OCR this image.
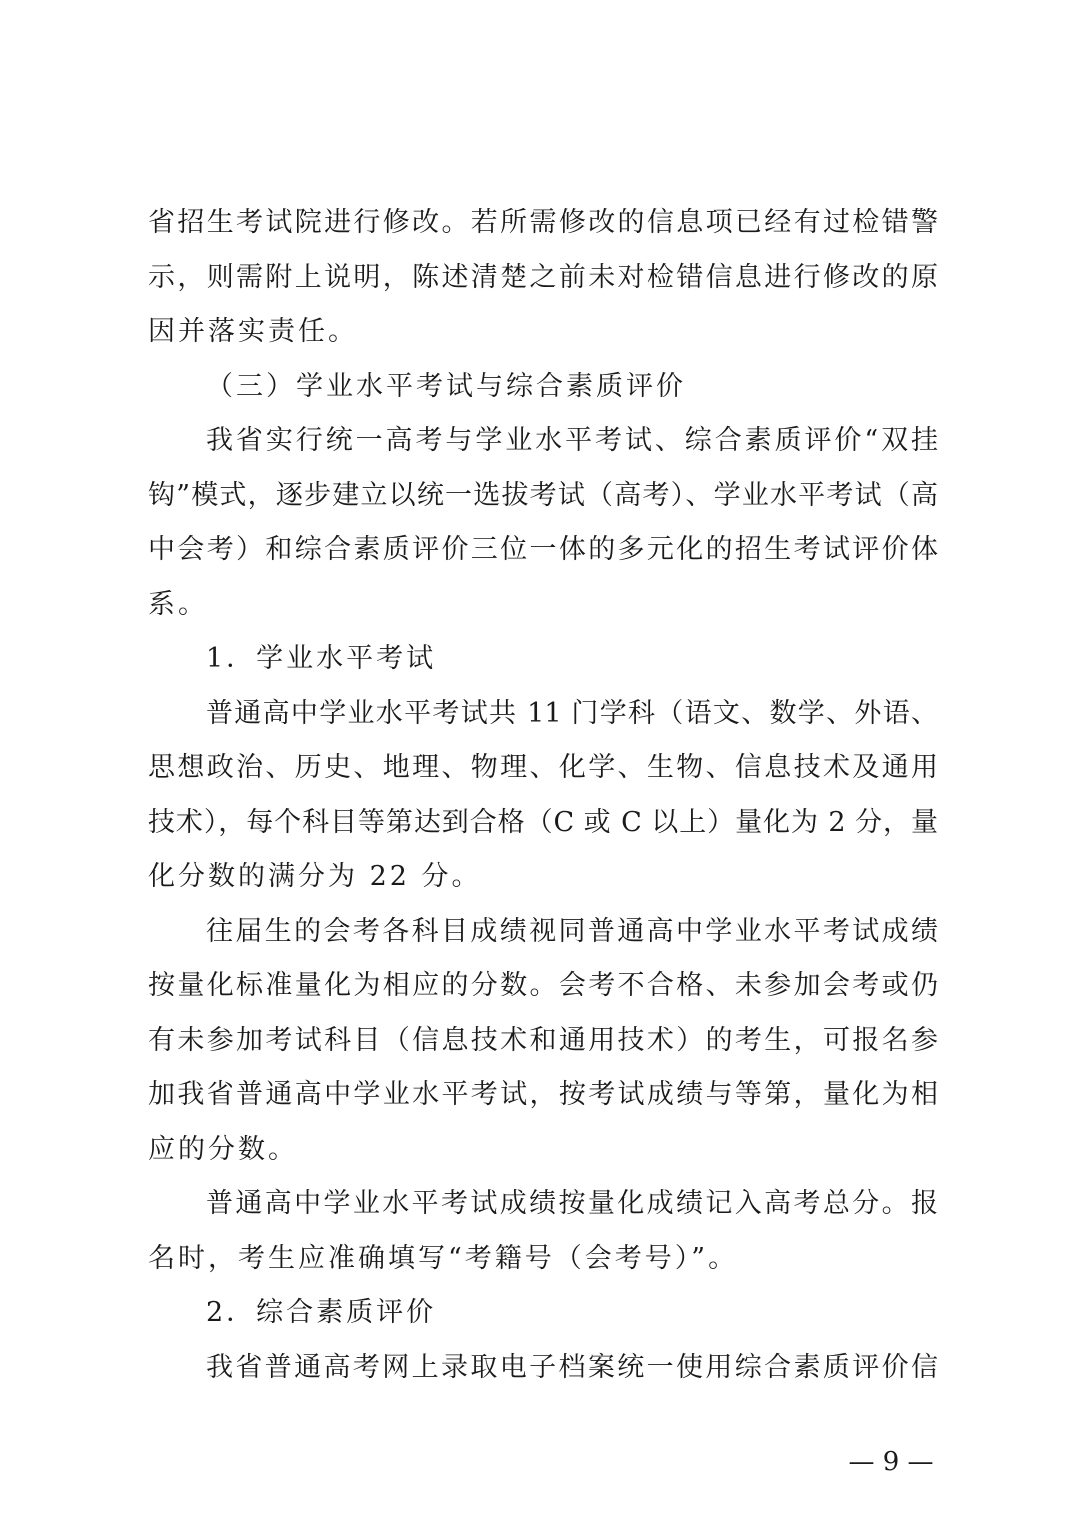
省招生考试院进行修改。若所需修改的信息项已经有过检错警
示，则需附上说明，陈述清楚之前未对检错信息进行修改的原
因并落实责任。
（三）学业水平考试与综合素质评价
我省实行统一高考与学业水平考试、综合素质评价“双挂
钩”模式，逐步建立以统一选拔考试（高考）、学业水平考试（高
中会考）和综合素质评价三位一体的多元化的招生考试评价体
系。
1．学业水平考试
普通高中学业水平考试共 11 门学科（语文、数学、外语、
思想政治、历史、地理、物理、化学、生物、信息技术及通用
技术），每个科目等第达到合格（C 或 C 以上）量化为 2 分，量
化分数的满分为 22 分。
往届生的会考各科目成绩视同普通高中学业水平考试成绩
按量化标准量化为相应的分数。会考不合格、未参加会考或仍
有未参加考试科目（信息技术和通用技术）的考生，可报名参
加我省普通高中学业水平考试，按考试成绩与等第，量化为相
应的分数。
普通高中学业水平考试成绩按量化成绩记入高考总分。报
名时，考生应准确填写“考籍号（会考号）”。
2．综合素质评价
我省普通高考网上录取电子档案统一使用综合素质评价信
— 9 —
